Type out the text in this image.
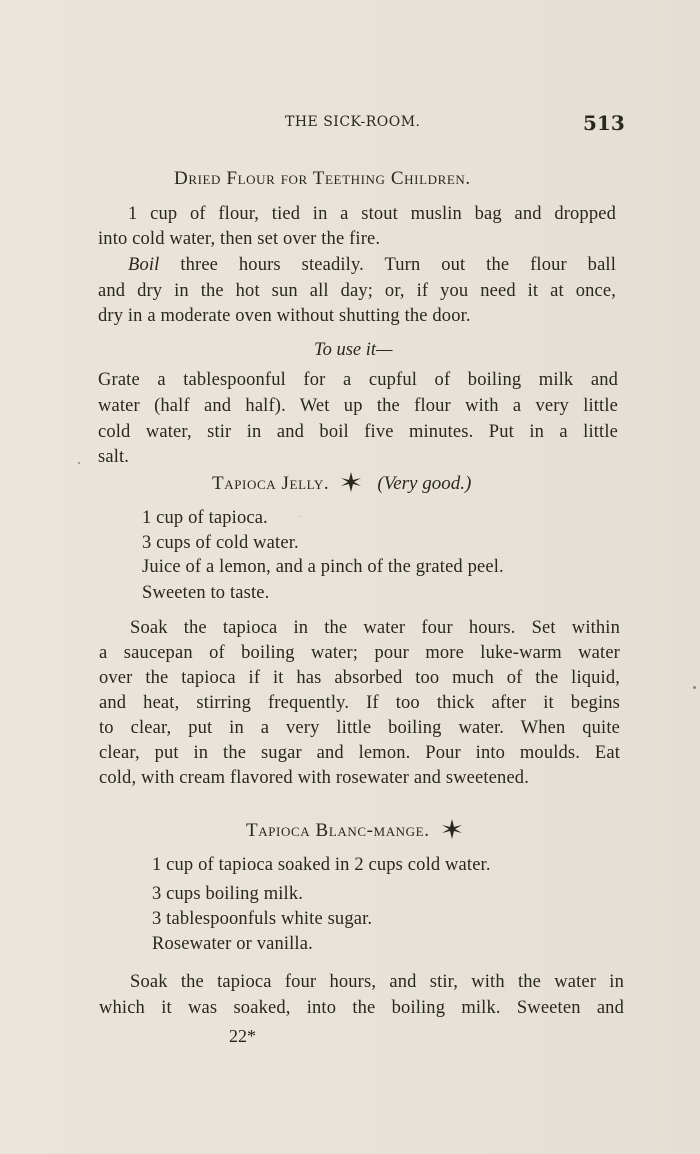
THE SICK-ROOM.	513
Dried Flour for Teething Children.
1 cup of flour, tied in a stout muslin bag and dropped
into cold water, then set over the fire.
Boil three hours steadily. Turn out the flour ball
and dry in the hot sun all day; or, if you need it at once,
dry in a moderate oven without shutting the door.
To use it—
Grate a tablespoonful for a cupful of boiling milk and
water (half and half). Wet up the flour with a very little
cold water, stir in and boil five minutes. Put in a little
salt.
Tapioca Jelly.	(Very good.)
1 cup of tapioca.
3 cups of cold water.
Juice of a lemon, and a pinch of the grated peel.
Sweeten to taste.
Soak the tapioca in the water four hours. Set within
a saucepan of boiling water; pour more luke-warm water
over the tapioca if it has absorbed too much of the liquid,
and heat, stirring frequently. If too thick after it begins
to clear, put in a very little boiling water. When quite
clear, put in the sugar and lemon. Pour into moulds. Eat
cold, with cream flavored with rosewater and sweetened.
Tapioca Blanc-mange.
1 cup of tapioca soaked in 2 cups cold water.
3 cups boiling milk.
3 tablespoonfuls white sugar.
Rosewater or vanilla.
Soak the tapioca four hours, and stir, with the water in
which it was soaked, into the boiling milk. Sweeten and
22*
